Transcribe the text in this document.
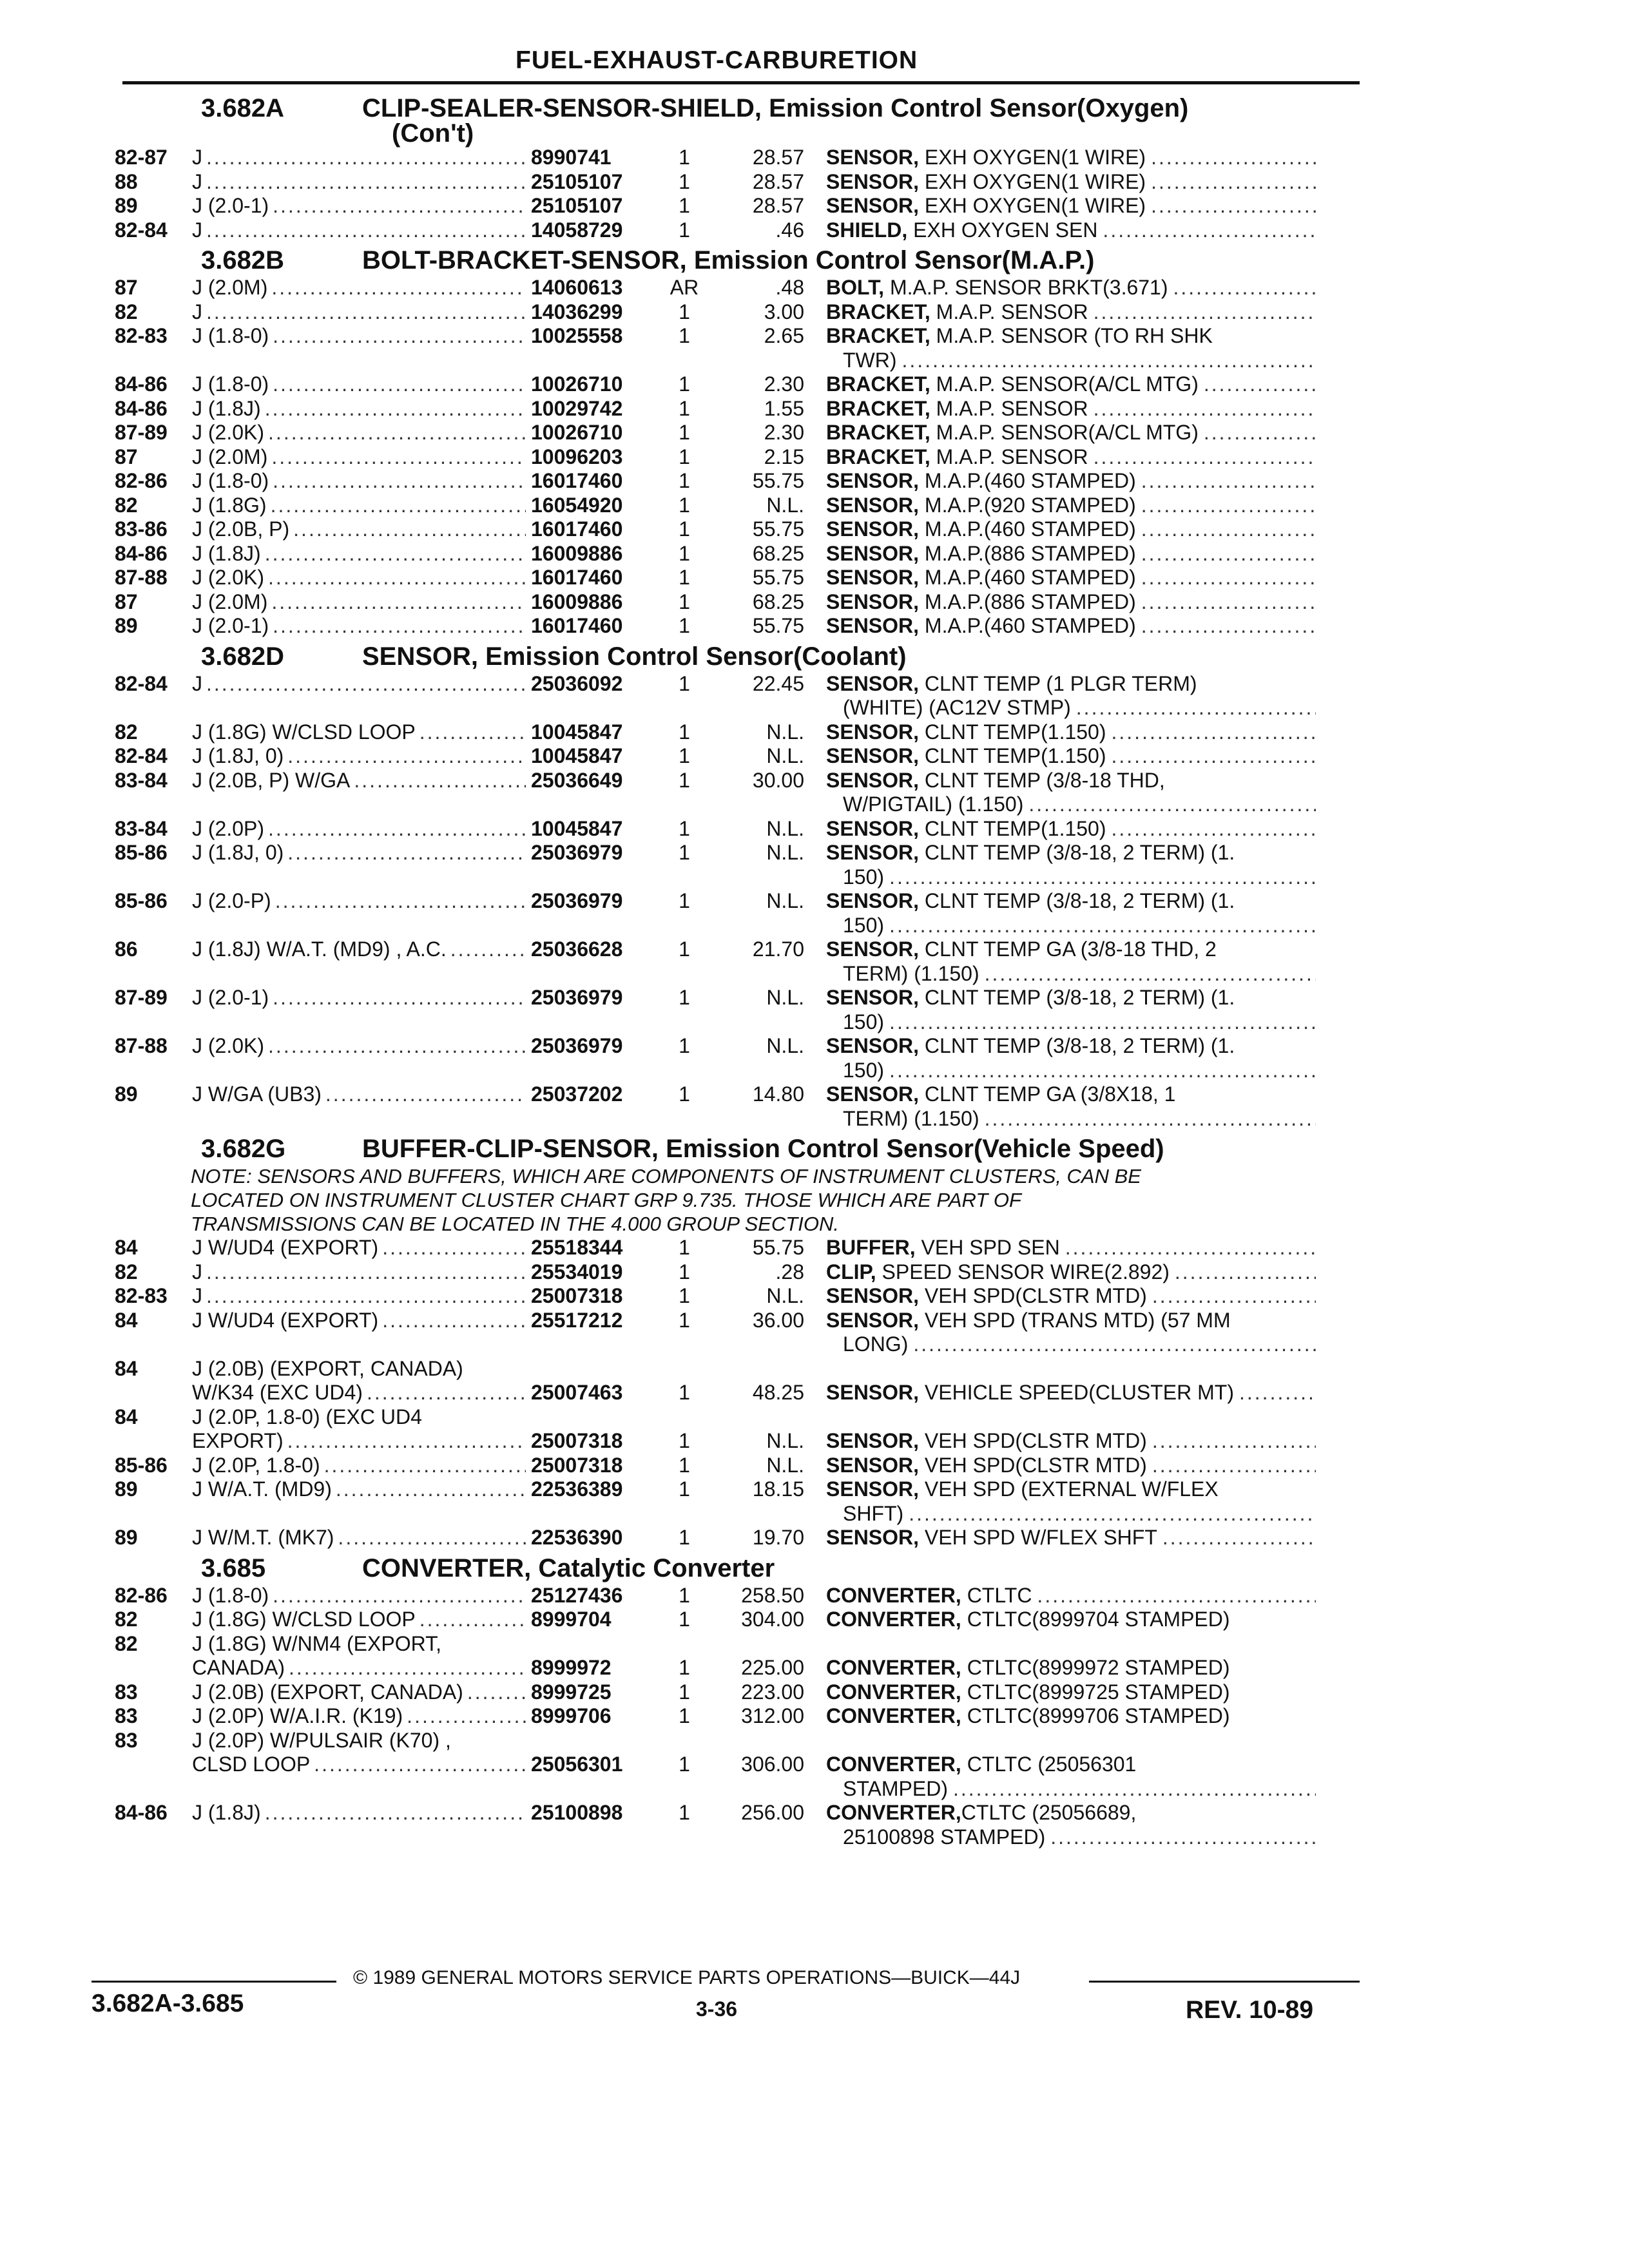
FUEL-EXHAUST-CARBURETION
3.682A	CLIP-SEALER-SENSOR-SHIELD, Emission Control Sensor(Oxygen)
(Con't)
82-87	J .....	8990741	1	28.57	SENSOR, EXH OXYGEN(1 WIRE)
.....
88	J .....	25105107	1	28.57	SENSOR, EXH OXYGEN(1 WIRE)
.....
89	J (2.0-1) .....	25105107	1	28.57	SENSOR, EXH OXYGEN(1 WIRE)
.....
82-84	J .....	14058729	1	.46	SHIELD, EXH OXYGEN SEN
.....
3.682B	BOLT-BRACKET-SENSOR, Emission Control Sensor(M.A.P.)
87	J (2.0M) .....	14060613	AR	.48	BOLT, M.A.P. SENSOR BRKT(3.671)
.....
82	J .....	14036299	1	3.00	BRACKET, M.A.P. SENSOR
.....
82-83	J (1.8-0) .....	10025558	1	2.65	BRACKET, M.A.P. SENSOR (TO RH SHK
TWR)
.....
84-86	J (1.8-0) .....	10026710	1	2.30	BRACKET, M.A.P. SENSOR(A/CL MTG)
.....
84-86	J (1.8J) .....	10029742	1	1.55	BRACKET, M.A.P. SENSOR
.....
87-89	J (2.0K) .....	10026710	1	2.30	BRACKET, M.A.P. SENSOR(A/CL MTG)
.....
87	J (2.0M) .....	10096203	1	2.15	BRACKET, M.A.P. SENSOR
.....
82-86	J (1.8-0) .....	16017460	1	55.75	SENSOR, M.A.P.(460 STAMPED)
.....
82	J (1.8G) .....	16054920	1	N.L.	SENSOR, M.A.P.(920 STAMPED)
.....
83-86	J (2.0B, P) .....	16017460	1	55.75	SENSOR, M.A.P.(460 STAMPED)
.....
84-86	J (1.8J) .....	16009886	1	68.25	SENSOR, M.A.P.(886 STAMPED)
.....
87-88	J (2.0K) .....	16017460	1	55.75	SENSOR, M.A.P.(460 STAMPED)
.....
87	J (2.0M) .....	16009886	1	68.25	SENSOR, M.A.P.(886 STAMPED)
.....
89	J (2.0-1) .....	16017460	1	55.75	SENSOR, M.A.P.(460 STAMPED)
.....
3.682D	SENSOR, Emission Control Sensor(Coolant)
82-84	J .....	25036092	1	22.45	SENSOR, CLNT TEMP (1 PLGR TERM)
(WHITE) (AC12V STMP)
.....
82	J (1.8G) W/CLSD LOOP .....	10045847	1	N.L.	SENSOR, CLNT TEMP(1.150)
.....
82-84	J (1.8J, 0) .....	10045847	1	N.L.	SENSOR, CLNT TEMP(1.150)
.....
83-84	J (2.0B, P) W/GA .....	25036649	1	30.00	SENSOR, CLNT TEMP (3/8-18 THD,
W/PIGTAIL) (1.150)
.....
83-84	J (2.0P) .....	10045847	1	N.L.	SENSOR, CLNT TEMP(1.150)
.....
85-86	J (1.8J, 0) .....	25036979	1	N.L.	SENSOR, CLNT TEMP (3/8-18, 2 TERM) (1.
150)
.....
85-86	J (2.0-P) .....	25036979	1	N.L.	SENSOR, CLNT TEMP (3/8-18, 2 TERM) (1.
150)
.....
86	J (1.8J) W/A.T. (MD9) , A.C. .....	25036628	1	21.70	SENSOR, CLNT TEMP GA (3/8-18 THD, 2
TERM) (1.150)
.....
87-89	J (2.0-1) .....	25036979	1	N.L.	SENSOR, CLNT TEMP (3/8-18, 2 TERM) (1.
150)
.....
87-88	J (2.0K) .....	25036979	1	N.L.	SENSOR, CLNT TEMP (3/8-18, 2 TERM) (1.
150)
.....
89	J W/GA (UB3) .....	25037202	1	14.80	SENSOR, CLNT TEMP GA (3/8X18, 1
TERM) (1.150)
.....
3.682G	BUFFER-CLIP-SENSOR, Emission Control Sensor(Vehicle Speed)
NOTE: SENSORS AND BUFFERS, WHICH ARE COMPONENTS OF INSTRUMENT CLUSTERS, CAN BE
LOCATED ON INSTRUMENT CLUSTER CHART GRP 9.735. THOSE WHICH ARE PART OF
TRANSMISSIONS CAN BE LOCATED IN THE 4.000 GROUP SECTION.
84	J W/UD4 (EXPORT) .....	25518344	1	55.75	BUFFER, VEH SPD SEN
.....
82	J .....	25534019	1	.28	CLIP, SPEED SENSOR WIRE(2.892)
.....
82-83	J .....	25007318	1	N.L.	SENSOR, VEH SPD(CLSTR MTD)
.....
84	J W/UD4 (EXPORT) .....	25517212	1	36.00	SENSOR, VEH SPD (TRANS MTD) (57 MM
LONG)
.....
84	J (2.0B) (EXPORT, CANADA)
W/K34 (EXC UD4) .....	25007463	1	48.25	SENSOR, VEHICLE SPEED(CLUSTER MT)
.....
84	J (2.0P, 1.8-0) (EXC UD4
EXPORT) .....	25007318	1	N.L.	SENSOR, VEH SPD(CLSTR MTD)
.....
85-86	J (2.0P, 1.8-0) .....	25007318	1	N.L.	SENSOR, VEH SPD(CLSTR MTD)
.....
89	J W/A.T. (MD9) .....	22536389	1	18.15	SENSOR, VEH SPD (EXTERNAL W/FLEX
SHFT)
.....
89	J W/M.T. (MK7) .....	22536390	1	19.70	SENSOR, VEH SPD W/FLEX SHFT
.....
3.685	CONVERTER, Catalytic Converter
82-86	J (1.8-0) .....	25127436	1	258.50	CONVERTER, CTLTC
.....
82	J (1.8G) W/CLSD LOOP .....	8999704	1	304.00	CONVERTER, CTLTC(8999704 STAMPED)
82	J (1.8G) W/NM4 (EXPORT,
CANADA) .....	8999972	1	225.00	CONVERTER, CTLTC(8999972 STAMPED)
83	J (2.0B) (EXPORT, CANADA) .....	8999725	1	223.00	CONVERTER, CTLTC(8999725 STAMPED)
83	J (2.0P) W/A.I.R. (K19) .....	8999706	1	312.00	CONVERTER, CTLTC(8999706 STAMPED)
83	J (2.0P) W/PULSAIR (K70) ,
CLSD LOOP .....	25056301	1	306.00	CONVERTER, CTLTC (25056301
STAMPED)
.....
84-86	J (1.8J) .....	25100898	1	256.00	CONVERTER,CTLTC (25056689,
25100898 STAMPED)
.....
© 1989 GENERAL MOTORS SERVICE PARTS OPERATIONS—BUICK—44J
3.682A-3.685	3-36	REV. 10-89
